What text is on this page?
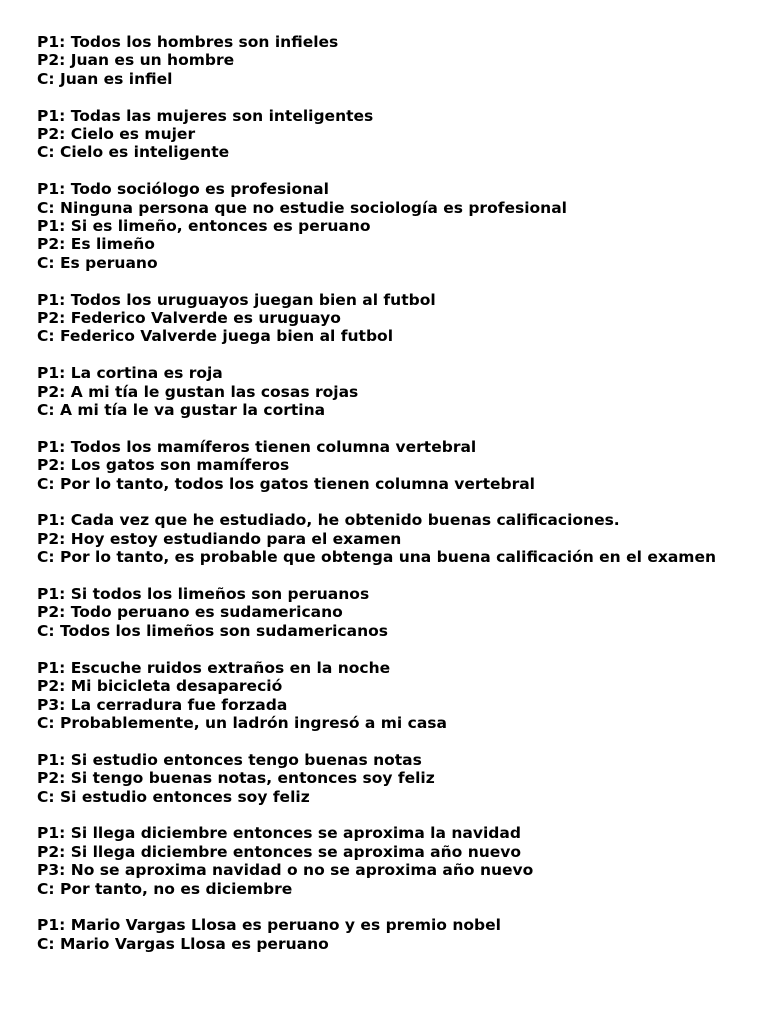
P1: Todos los hombres son infieles
P2: Juan es un hombre
C: Juan es infiel
P1: Todas las mujeres son inteligentes
P2: Cielo es mujer
C: Cielo es inteligente
P1: Todo sociólogo es profesional
C: Ninguna persona que no estudie sociología es profesional
P1: Si es limeño, entonces es peruano
P2: Es limeño
C: Es peruano
P1: Todos los uruguayos juegan bien al futbol
P2: Federico Valverde es uruguayo
C: Federico Valverde juega bien al futbol
P1: La cortina es roja
P2: A mi tía le gustan las cosas rojas
C: A mi tía le va gustar la cortina
P1: Todos los mamíferos tienen columna vertebral
P2: Los gatos son mamíferos
C: Por lo tanto, todos los gatos tienen columna vertebral
P1: Cada vez que he estudiado, he obtenido buenas calificaciones.
P2: Hoy estoy estudiando para el examen
C: Por lo tanto, es probable que obtenga una buena calificación en el examen
P1: Si todos los limeños son peruanos
P2: Todo peruano es sudamericano
C: Todos los limeños son sudamericanos
P1: Escuche ruidos extraños en la noche
P2: Mi bicicleta desapareció
P3: La cerradura fue forzada
C: Probablemente, un ladrón ingresó a mi casa
P1: Si estudio entonces tengo buenas notas
P2: Si tengo buenas notas, entonces soy feliz
C: Si estudio entonces soy feliz
P1: Si llega diciembre entonces se aproxima la navidad
P2: Si llega diciembre entonces se aproxima año nuevo
P3: No se aproxima navidad o no se aproxima año nuevo
C: Por tanto, no es diciembre
P1: Mario Vargas Llosa es peruano y es premio nobel
C: Mario Vargas Llosa es peruano
